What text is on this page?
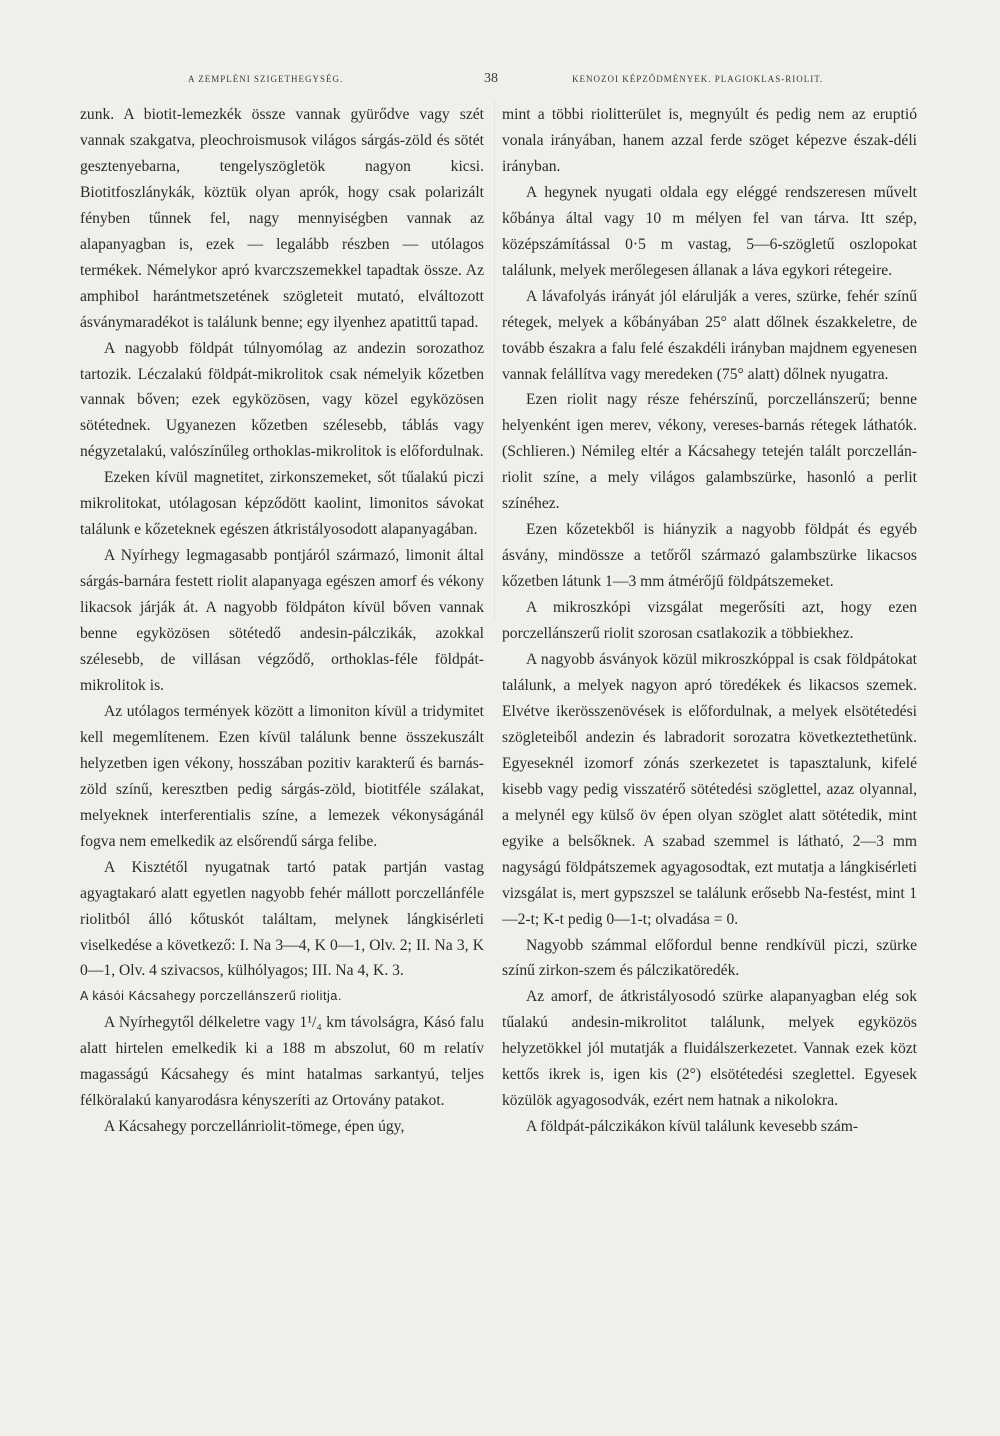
A ZEMPLÉNI SZIGETHEGYSÉG.	38	KENOZOI KÉPZŐDMÉNYEK. PLAGIOKLAS-RIOLIT.

zunk. A biotit-lemezkék össze vannak gyürődve vagy szét vannak szakgatva, pleochroismusok világos sárgás-zöld és sötét gesztenyebarna, tengelyszögletök nagyon kicsi. Biotitfoszlánykák, köztük olyan aprók, hogy csak polarizált fényben tűnnek fel, nagy mennyiségben vannak az alapanyagban is, ezek — legalább részben — utólagos termékek. Némelykor apró kvarczszemekkel tapadtak össze. Az amphibol harántmetszetének szögleteit mutató, elváltozott ásványmaradékot is találunk benne; egy ilyenhez apatittű tapad.

A nagyobb földpát túlnyomólag az andezin sorozathoz tartozik. Léczalakú földpát-mikrolitok csak némelyik kőzetben vannak bőven; ezek egyközösen, vagy közel egyközösen sötétednek. Ugyanezen kőzetben szélesebb, táblás vagy négyzetalakú, valószínűleg orthoklas-mikrolitok is előfordulnak.

Ezeken kívül magnetitet, zirkonszemeket, sőt tűalakú piczi mikrolitokat, utólagosan képződött kaolint, limonitos sávokat találunk e kőzeteknek egészen átkristályosodott alapanyagában.

A Nyírhegy legmagasabb pontjáról származó, limonit által sárgás-barnára festett riolit alapanyaga egészen amorf és vékony likacsok járják át. A nagyobb földpáton kívül bőven vannak benne egyközösen sötétedő andesin-pálczikák, azokkal szélesebb, de villásan végződő, orthoklas-féle földpát-mikrolitok is.

Az utólagos termények között a limoniton kívül a tridymitet kell megemlítenem. Ezen kívül találunk benne összekuszált helyzetben igen vékony, hosszában pozitiv karakterű és barnás-zöld színű, keresztben pedig sárgás-zöld, biotitféle szálakat, melyeknek interferentialis színe, a lemezek vékonyságánál fogva nem emelkedik az elsőrendű sárga felibe.

A Kisztétől nyugatnak tartó patak partján vastag agyagtakaró alatt egyetlen nagyobb fehér mállott porczellánféle riolitból álló kőtuskót találtam, melynek lángkisérleti viselkedése a következő: I. Na 3—4, K 0—1, Olv. 2; II. Na 3, K 0—1, Olv. 4 szivacsos, külhólyagos; III. Na 4, K. 3.

A kásói Kácsahegy porczellánszerű riolitja.

A Nyírhegytől délkeletre vagy 1¹/₄ km távolságra, Kásó falu alatt hirtelen emelkedik ki a 188 m abszolut, 60 m relatív magasságú Kácsahegy és mint hatalmas sarkantyú, teljes félköralakú kanyarodásra kényszeríti az Ortovány patakot.

A Kácsahegy porczellánriolit-tömege, épen úgy,

mint a többi riolitterület is, megnyúlt és pedig nem az eruptió vonala irányában, hanem azzal ferde szöget képezve észak-déli irányban.

A hegynek nyugati oldala egy eléggé rendszeresen művelt kőbánya által vagy 10 m mélyen fel van tárva. Itt szép, középszámítással 0·5 m vastag, 5—6-szögletű oszlopokat találunk, melyek merőlegesen állanak a láva egykori rétegeire.

A lávafolyás irányát jól elárulják a veres, szürke, fehér színű rétegek, melyek a kőbányában 25° alatt dőlnek északkeletre, de tovább északra a falu felé északdéli irányban majdnem egyenesen vannak felállítva vagy meredeken (75° alatt) dőlnek nyugatra.

Ezen riolit nagy része fehérszínű, porczellánszerű; benne helyenként igen merev, vékony, vereses-barnás rétegek láthatók. (Schlieren.) Némileg eltér a Kácsahegy tetején talált porczellán-riolit színe, a mely világos galambszürke, hasonló a perlit színéhez.

Ezen kőzetekből is hiányzik a nagyobb földpát és egyéb ásvány, mindössze a tetőről származó galambszürke likacsos kőzetben látunk 1—3 mm átmérőjű földpátszemeket.

A mikroszkópi vizsgálat megerősíti azt, hogy ezen porczellánszerű riolit szorosan csatlakozik a többiekhez.

A nagyobb ásványok közül mikroszkóppal is csak földpátokat találunk, a melyek nagyon apró töredékek és likacsos szemek. Elvétve ikerösszenövések is előfordulnak, a melyek elsötétedési szögleteiből andezin és labradorit sorozatra következtethetünk. Egyeseknél izomorf zónás szerkezetet is tapasztalunk, kifelé kisebb vagy pedig visszatérő sötétedési szöglettel, azaz olyannal, a melynél egy külső öv épen olyan szöglet alatt sötétedik, mint egyike a belsőknek. A szabad szemmel is látható, 2—3 mm nagyságú földpátszemek agyagosodtak, ezt mutatja a lángkisérleti vizsgálat is, mert gypszszel se találunk erősebb Na-festést, mint 1—2-t; K-t pedig 0—1-t; olvadása = 0.

Nagyobb számmal előfordul benne rendkívül piczi, szürke színű zirkon-szem és pálczikatöredék.

Az amorf, de átkristályosodó szürke alapanyagban elég sok tűalakú andesin-mikrolitot találunk, melyek egyközös helyzetökkel jól mutatják a fluidálszerkezetet. Vannak ezek közt kettős ikrek is, igen kis (2°) elsötétedési szeglettel. Egyesek közülök agyagosodvák, ezért nem hatnak a nikolokra.

A földpát-pálczikákon kívül találunk kevesebb szám-
